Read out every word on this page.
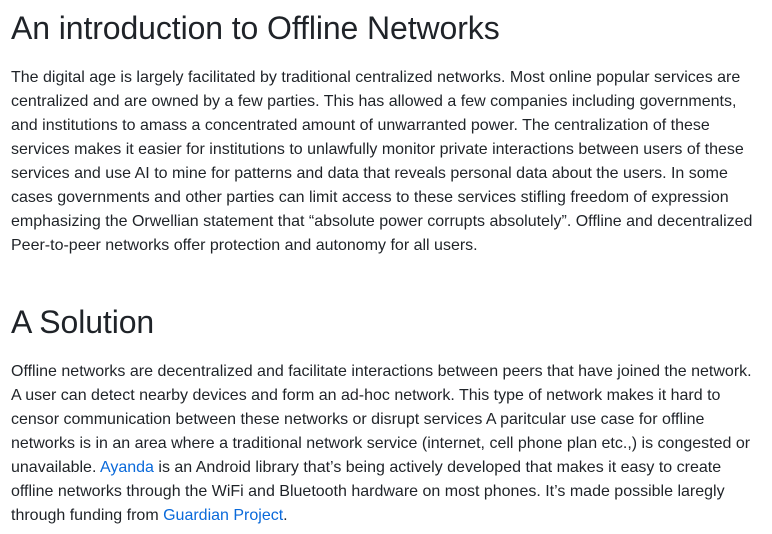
An introduction to Offline Networks

The digital age is largely facilitated by traditional centralized networks. Most online popular services are centralized and are owned by a few parties. This has allowed a few companies including governments, and institutions to amass a concentrated amount of unwarranted power. The centralization of these services makes it easier for institutions to unlawfully monitor private interactions between users of these services and use AI to mine for patterns and data that reveals personal data about the users. In some cases governments and other parties can limit access to these services stifling freedom of expression emphasizing the Orwellian statement that “absolute power corrupts absolutely”. Offline and decentralized Peer-to-peer networks offer protection and autonomy for all users.

A Solution

Offline networks are decentralized and facilitate interactions between peers that have joined the network. A user can detect nearby devices and form an ad-hoc network. This type of network makes it hard to censor communication between these networks or disrupt services A paritcular use case for offline networks is in an area where a traditional network service (internet, cell phone plan etc.,) is congested or unavailable. Ayanda is an Android library that’s being actively developed that makes it easy to create offline networks through the WiFi and Bluetooth hardware on most phones. It’s made possible laregly through funding from Guardian Project.
